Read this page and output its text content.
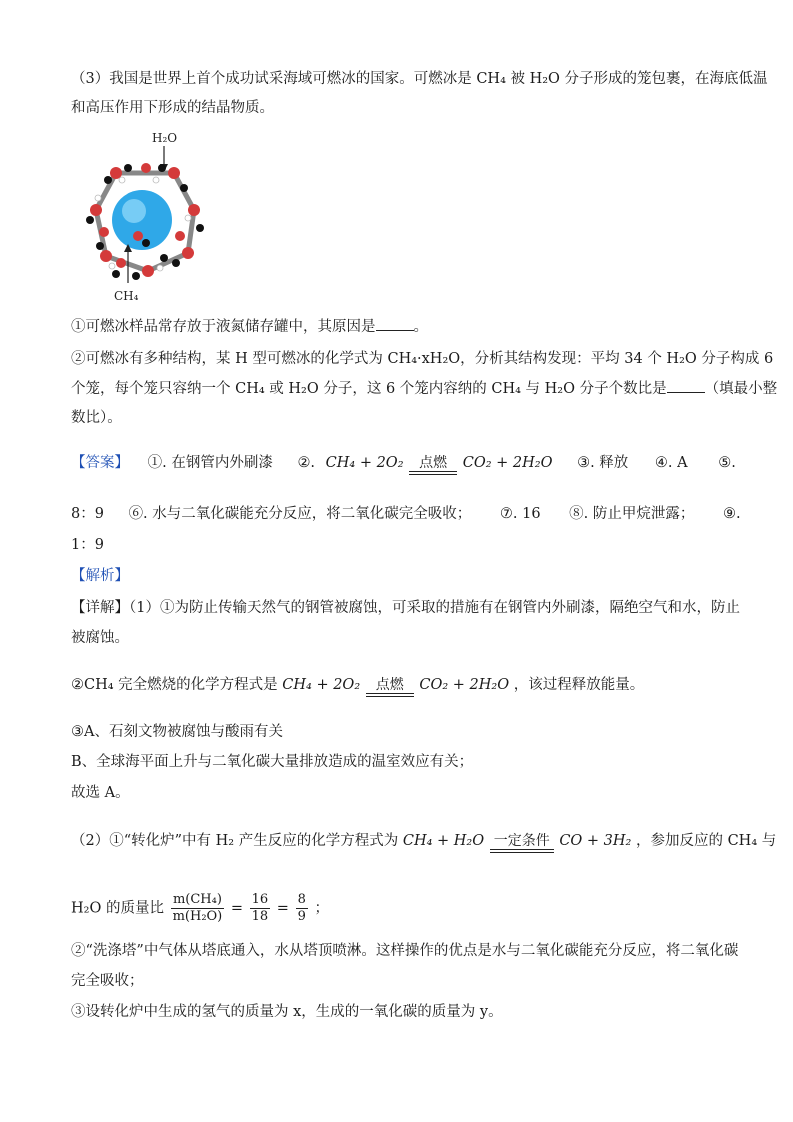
（3）我国是世界上首个成功试采海域可燃冰的国家。可燃冰是 CH₄ 被 H₂O 分子形成的笼包裹，在海底低温
和高压作用下形成的结晶物质。
H₂O
CH₄
①可燃冰样品常存放于液氮储存罐中，其原因是	。
②可燃冰有多种结构，某 H 型可燃冰的化学式为 CH₄·xH₂O，分析其结构发现：平均 34 个 H₂O 分子构成 6
个笼，每个笼只容纳一个 CH₄ 或 H₂O 分子，这 6 个笼内容纳的 CH₄ 与 H₂O 分子个数比是	（填最小整
数比）。
【答案】 ①. 在钢管内外刷漆 ②. CH₄ + 2O₂	点燃	CO₂ + 2H₂O ③. 释放 ④. A ⑤.
8：9 ⑥. 水与二氧化碳能充分反应，将二氧化碳完全吸收； ⑦. 16 ⑧. 防止甲烷泄露； ⑨.
1：9
【解析】
【详解】（1）①为防止传输天然气的钢管被腐蚀，可采取的措施有在钢管内外刷漆，隔绝空气和水，防止
被腐蚀。
②CH₄ 完全燃烧的化学方程式是 CH₄ + 2O₂	点燃	CO₂ + 2H₂O ，该过程释放能量。
③A、石刻文物被腐蚀与酸雨有关
B、全球海平面上升与二氧化碳大量排放造成的温室效应有关；
故选 A。
（2）①“转化炉”中有 H₂ 产生反应的化学方程式为 CH₄ + H₂O 一定条件 CO + 3H₂ ，参加反应的 CH₄ 与
H₂O 的质量比 $\frac{\text{m(CH₄)}}{\text{m(H₂O)}} = \frac{16}{18} = \frac{8}{9}$ ；
②“洗涤塔”中气体从塔底通入，水从塔顶喷淋。这样操作的优点是水与二氧化碳能充分反应，将二氧化碳
完全吸收；
③设转化炉中生成的氢气的质量为 x，生成的一氧化碳的质量为 y。
